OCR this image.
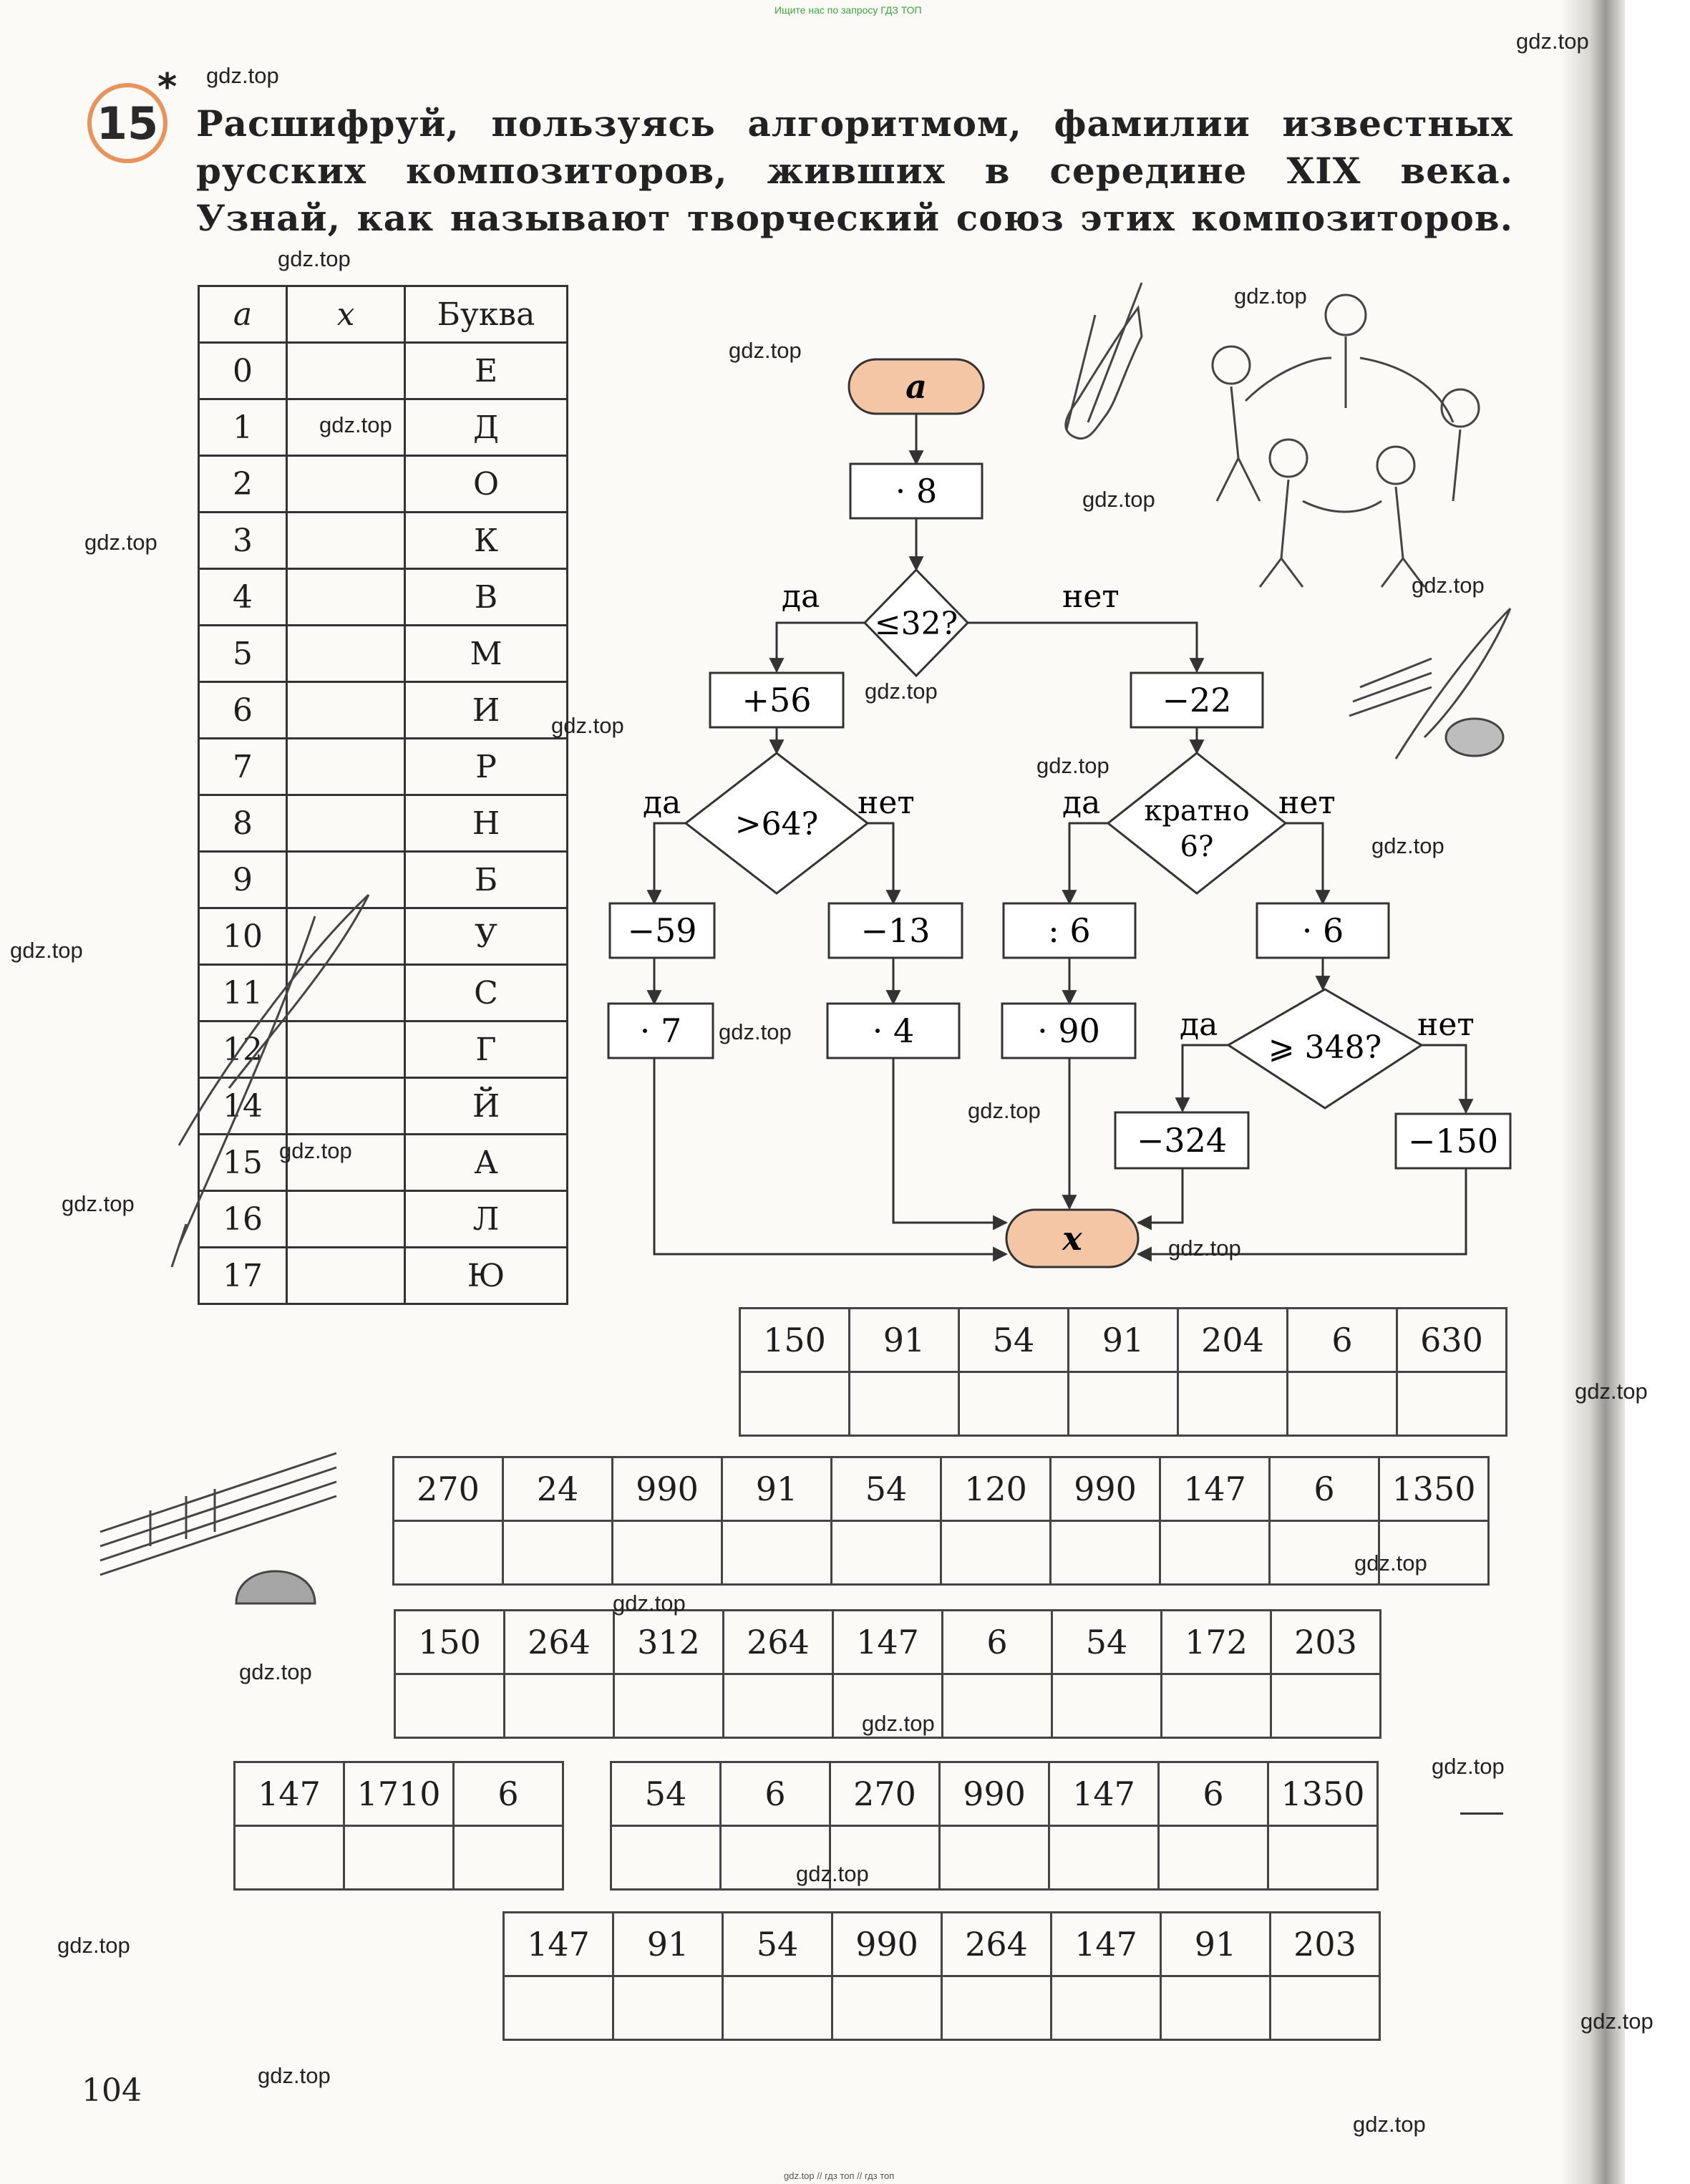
Ищите нас по запросу ГДЗ ТОП
gdz.top // гдз топ // гдз топ
15
*
Расшифруй, пользуясь алгоритмом, фамилии известных
русских композиторов, живших в середине XIX века.
Узнай, как называют творческий союз этих композиторов.
a	x	Буква
0		Е
1		Д
2		О
3		К
4		В
5		М
6		И
7		Р
8		Н
9		Б
10		У
11		С
12		Г
14		Й
15		А
16		Л
17		Ю
a
· 8
≤32?
да	нет
+56	−22
>64?
да	нет	кратно
6?
да	нет
−59	−13	: 6	· 6
· 7	· 4	· 90	⩾ 348?
да	нет
−324	−150
x
150	91	54	91	204	6	630

270	24	990	91	54	120	990	147	6	1350

150	264	312	264	147	6	54	172	203

147	1710	6
			54	6	270	990	147	6	1350

147	91	54	990	264	147	91	203

104
gdz.top
gdz.top
gdz.top
gdz.top
gdz.top
gdz.top
gdz.top
gdz.top
gdz.top
gdz.top
gdz.top
gdz.top
gdz.top
gdz.top
gdz.top
gdz.top
gdz.top
gdz.top
gdz.top
gdz.top
gdz.top
gdz.top
gdz.top
gdz.top
gdz.top
gdz.top
gdz.top
gdz.top
gdz.top
gdz.top
